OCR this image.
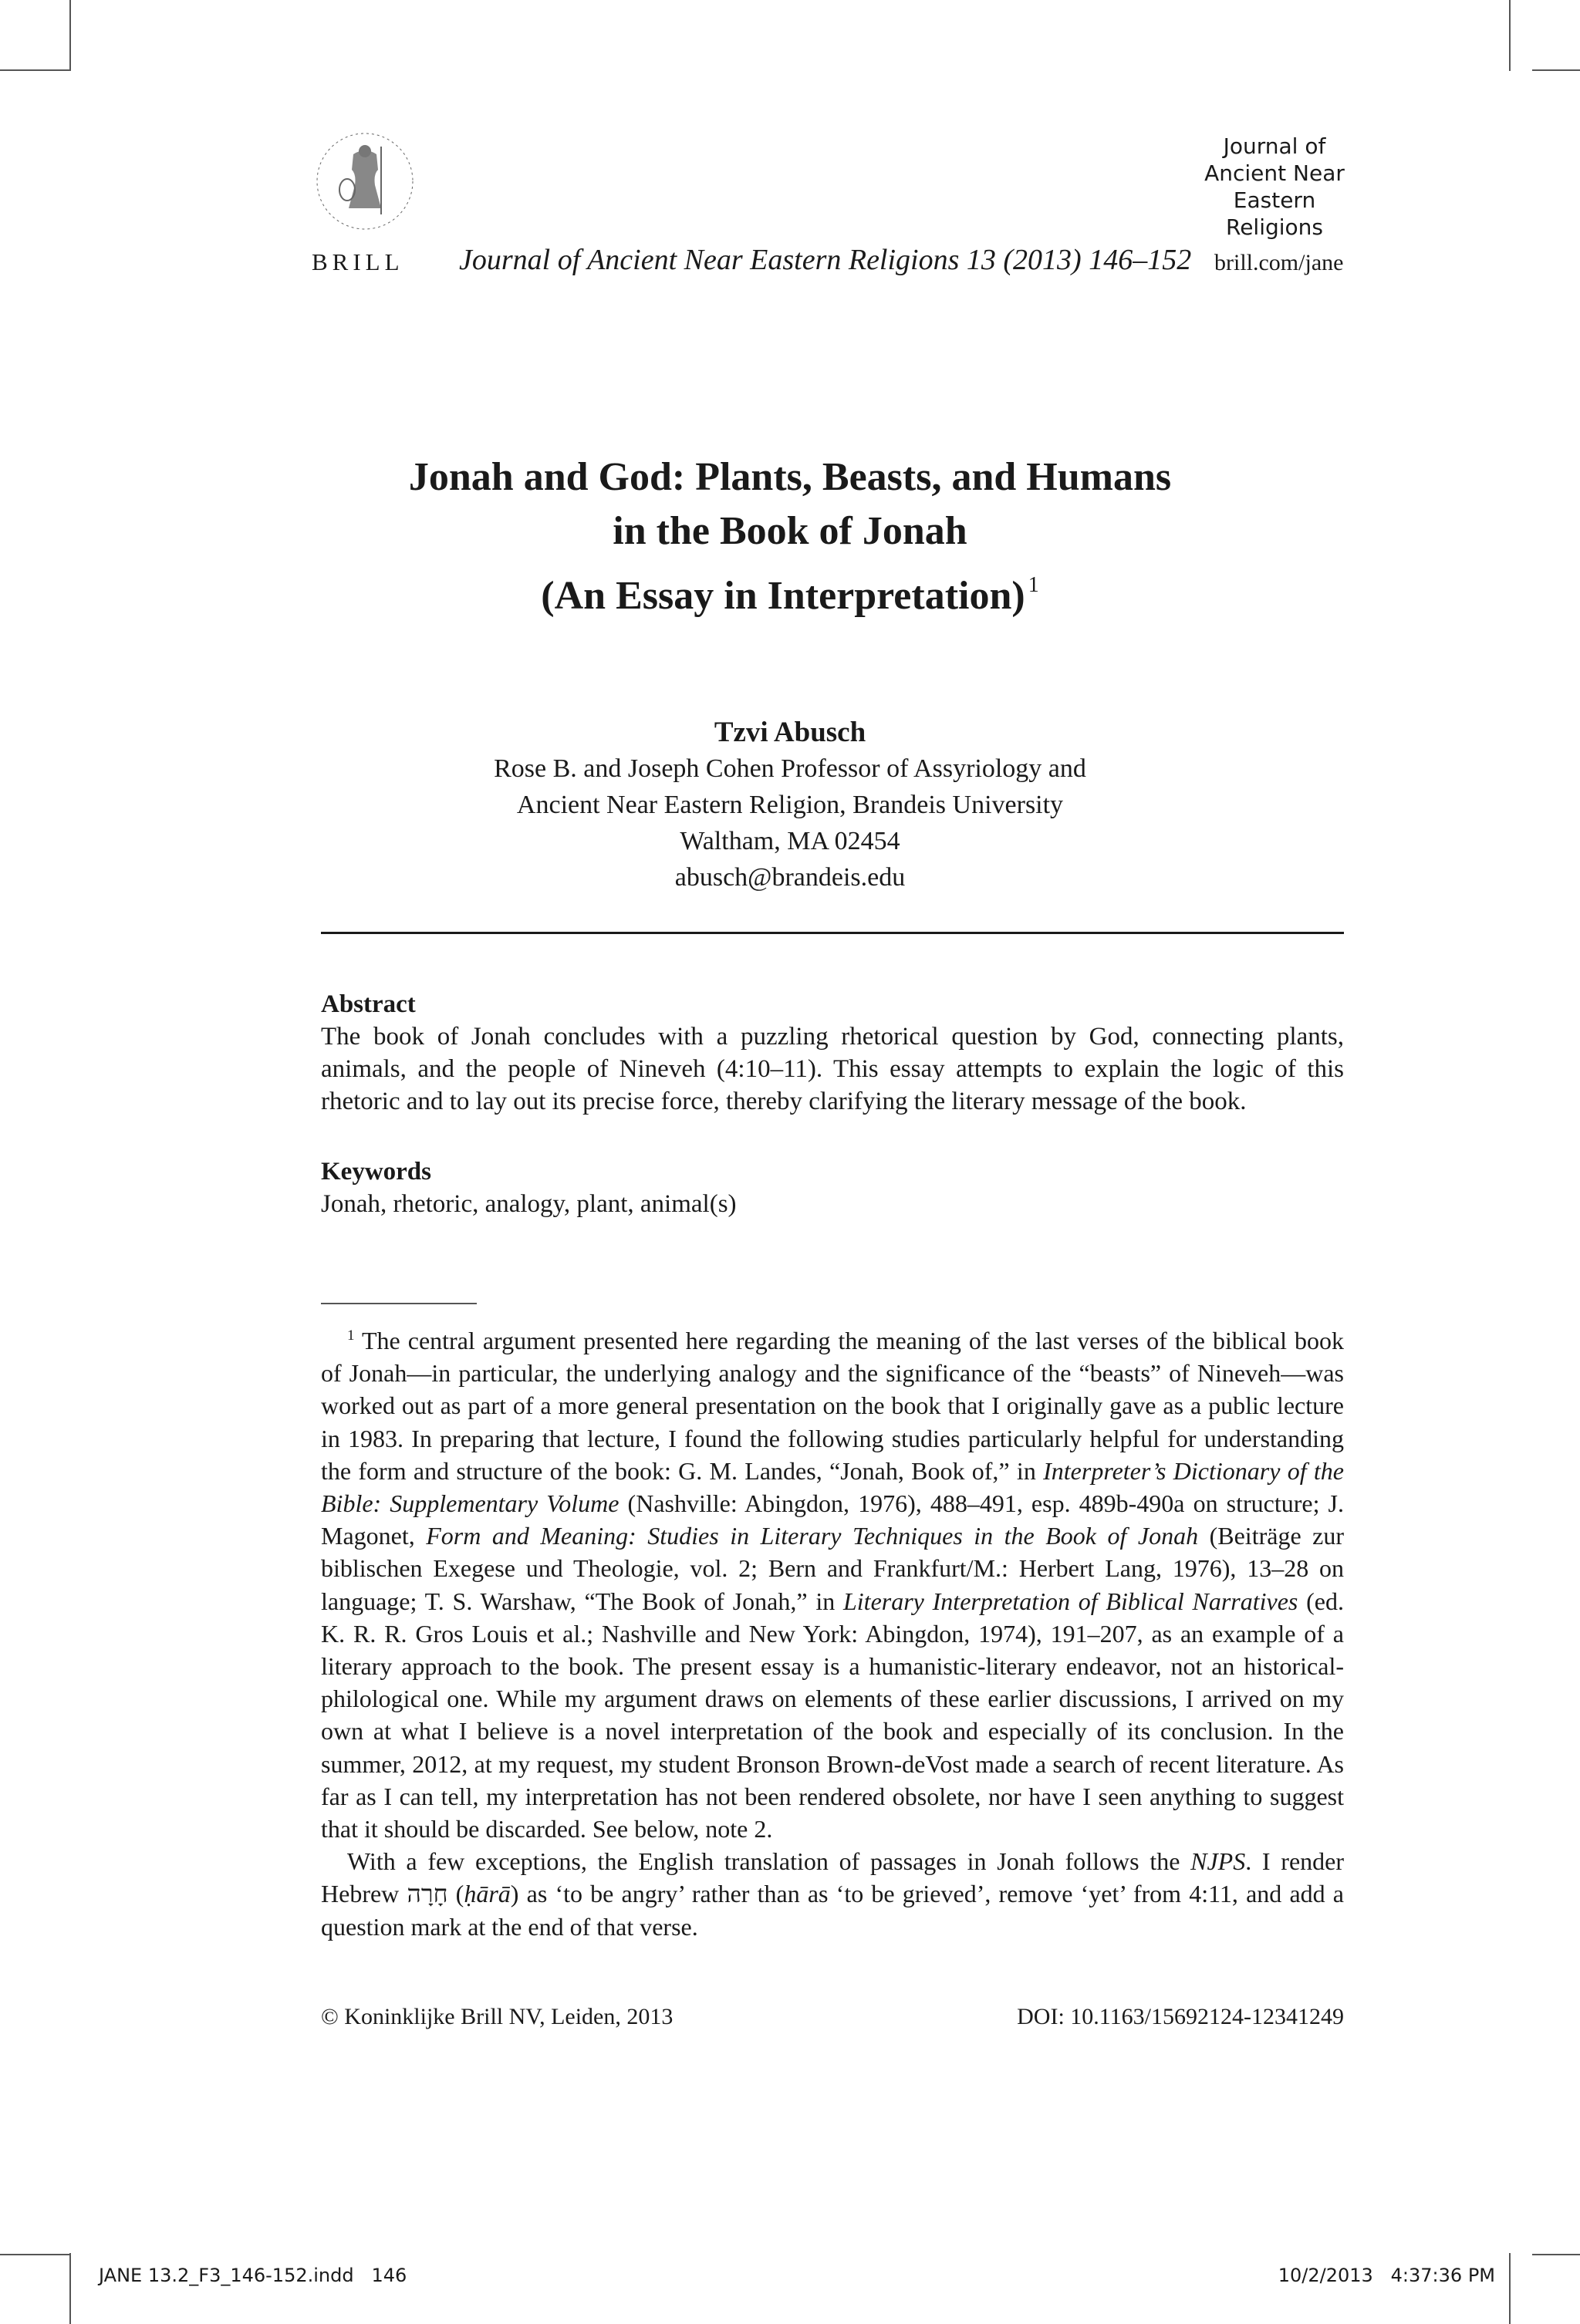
BRILL Journal of Ancient Near Eastern Religions 13 (2013) 146–152
Journal of
Ancient Near
Eastern
Religions
brill.com/jane
Jonah and God: Plants, Beasts, and Humans
in the Book of Jonah
(An Essay in Interpretation) $^1$
Tzvi Abusch
Rose B. and Joseph Cohen Professor of Assyriology and
Ancient Near Eastern Religion, Brandeis University
Waltham, MA 02454
abusch@brandeis.edu
Abstract
The book of Jonah concludes with a puzzling rhetorical question by God, connecting plants, animals, and the people of Nineveh (4:10–11). This essay attempts to explain the logic of this rhetoric and to lay out its precise force, thereby clarifying the literary message of the book.
Keywords
Jonah, rhetoric, analogy, plant, animal(s)

$^1$ The central argument presented here regarding the meaning of the last verses of the biblical book of Jonah—in particular, the underlying analogy and the significance of the “beasts” of Nineveh—was worked out as part of a more general presentation on the book that I originally gave as a public lecture in 1983. In preparing that lecture, I found the following studies particularly helpful for understanding the form and structure of the book: G. M. Landes, “Jonah, Book of,” in Interpreter’s Dictionary of the Bible: Supplementary Volume (Nashville: Abingdon, 1976), 488–491, esp. 489b-490a on structure; J. Magonet, Form and Meaning: Studies in Literary Techniques in the Book of Jonah (Beiträge zur biblischen Exegese und Theologie, vol. 2; Bern and Frankfurt/M.: Herbert Lang, 1976), 13–28 on language; T. S. Warshaw, “The Book of Jonah,” in Literary Interpretation of Biblical Narratives (ed. K. R. R. Gros Louis et al.; Nashville and New York: Abingdon, 1974), 191–207, as an example of a literary approach to the book. The present essay is a humanistic-literary endeavor, not an historical-philological one. While my argument draws on elements of these earlier discussions, I arrived on my own at what I believe is a novel interpretation of the book and especially of its conclusion. In the summer, 2012, at my request, my student Bronson Brown-deVost made a search of recent literature. As far as I can tell, my interpretation has not been rendered obsolete, nor have I seen anything to suggest that it should be discarded. See below, note 2.

With a few exceptions, the English translation of passages in Jonah follows the NJPS. I render Hebrew חָרָה (ḥārā) as ‘to be angry’ rather than as ‘to be grieved’, remove ‘yet’ from 4:11, and add a question mark at the end of that verse.

© Koninklijke Brill NV, Leiden, 2013	DOI: 10.1163/15692124-12341249
JANE 13.2_F3_146-152.indd   146	10/2/2013   4:37:36 PM
